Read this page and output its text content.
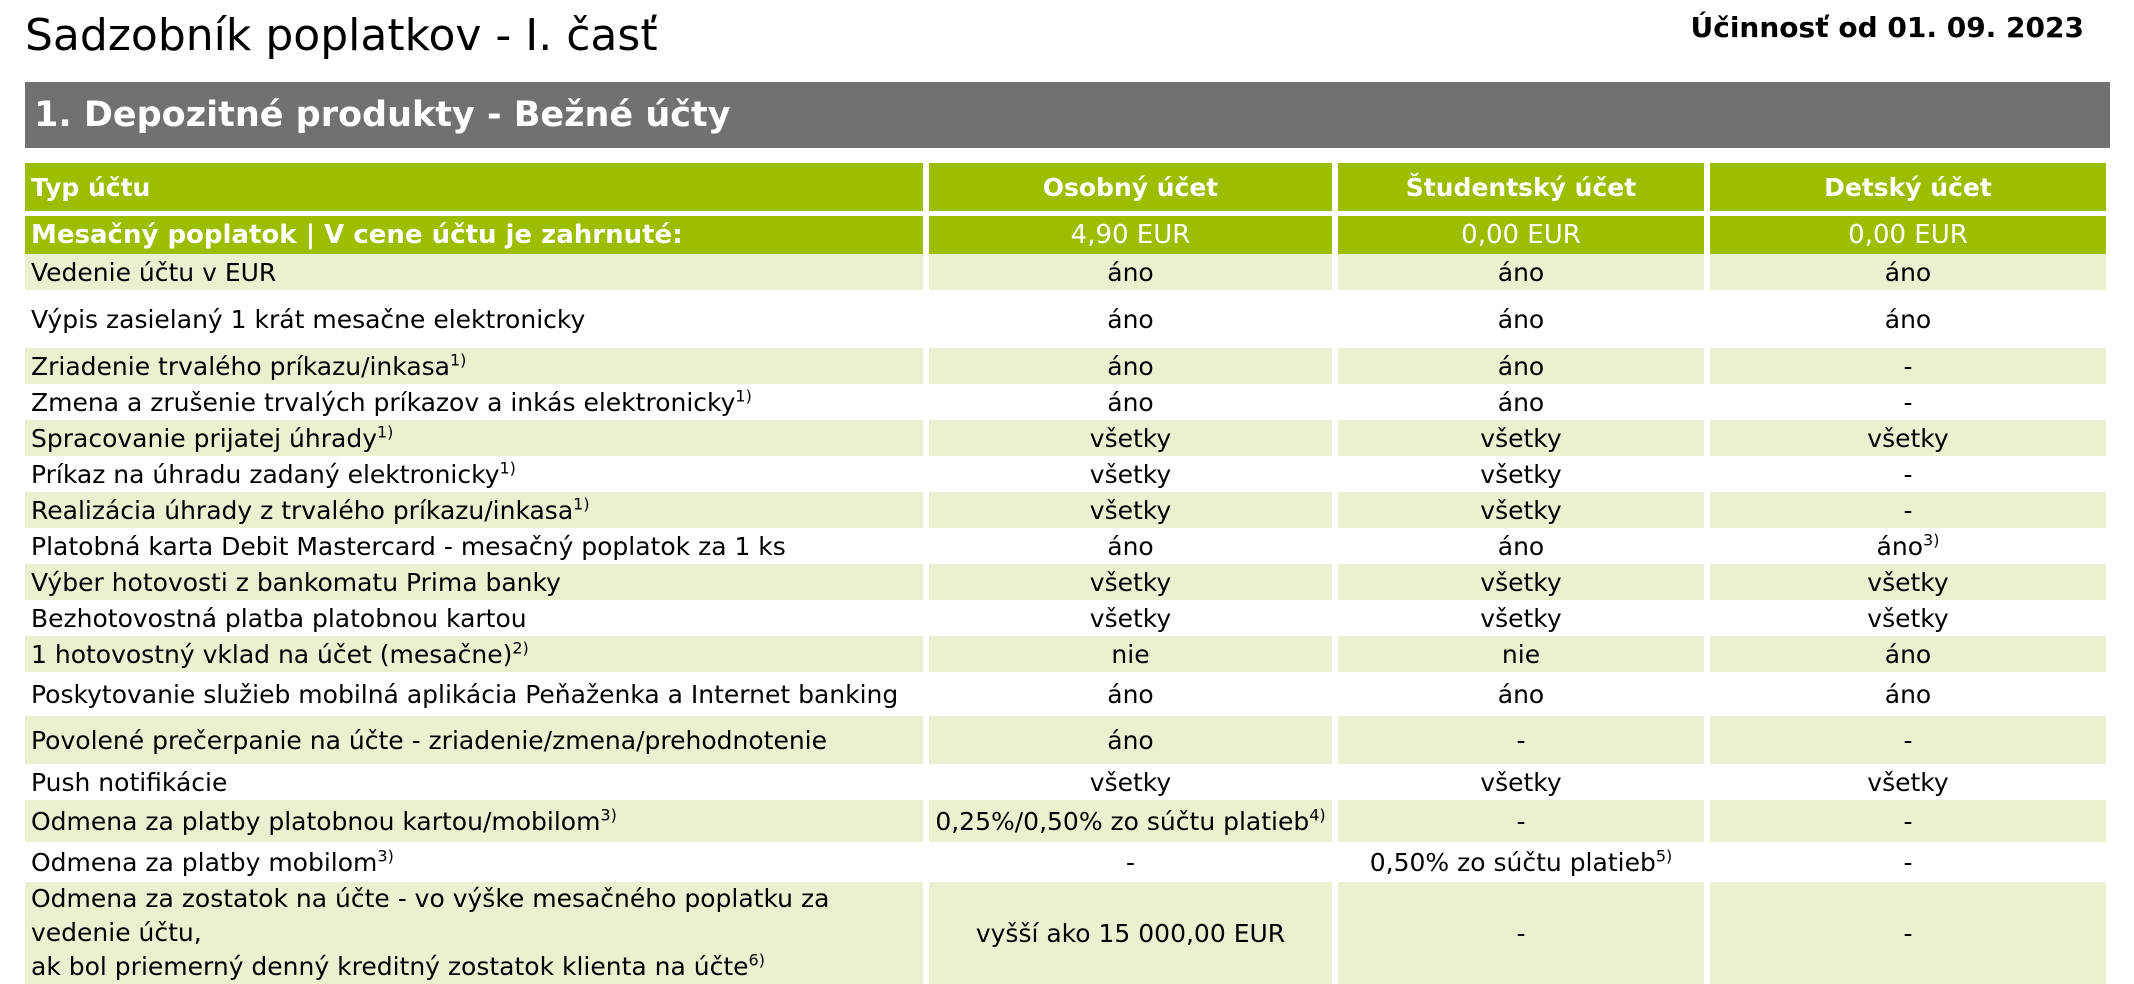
Sadzobník poplatkov - I. časť	Účinnosť od 01. 09. 2023
1. Depozitné produkty - Bežné účty
Typ účtu	Osobný účet	Študentský účet	Detský účet
Mesačný poplatok | V cene účtu je zahrnuté:	4,90 EUR	0,00 EUR	0,00 EUR
Vedenie účtu v EUR	áno	áno	áno
Výpis zasielaný 1 krát mesačne elektronicky	áno	áno	áno
Zriadenie trvalého príkazu/inkasa$^{1)}$	áno	áno	-
Zmena a zrušenie trvalých príkazov a inkás elektronicky$^{1)}$	áno	áno	-
Spracovanie prijatej úhrady$^{1)}$	všetky	všetky	všetky
Príkaz na úhradu zadaný elektronicky$^{1)}$	všetky	všetky	-
Realizácia úhrady z trvalého príkazu/inkasa$^{1)}$	všetky	všetky	-
Platobná karta Debit Mastercard - mesačný poplatok za 1 ks	áno	áno	áno$^{3)}$
Výber hotovosti z bankomatu Prima banky	všetky	všetky	všetky
Bezhotovostná platba platobnou kartou	všetky	všetky	všetky
1 hotovostný vklad na účet (mesačne)$^{2)}$	nie	nie	áno
Poskytovanie služieb mobilná aplikácia Peňaženka a Internet banking	áno	áno	áno
Povolené prečerpanie na účte - zriadenie/zmena/prehodnotenie	áno	-	-
Push notifikácie	všetky	všetky	všetky
Odmena za platby platobnou kartou/mobilom$^{3)}$	0,25%/0,50% zo súčtu platieb$^{4)}$	-	-
Odmena za platby mobilom$^{3)}$	-	0,50% zo súčtu platieb$^{5)}$	-
Odmena za zostatok na účte - vo výške mesačného poplatku za vedenie účtu,
ak bol priemerný denný kreditný zostatok klienta na účte$^{6)}$	vyšší ako 15 000,00 EUR	-	-
